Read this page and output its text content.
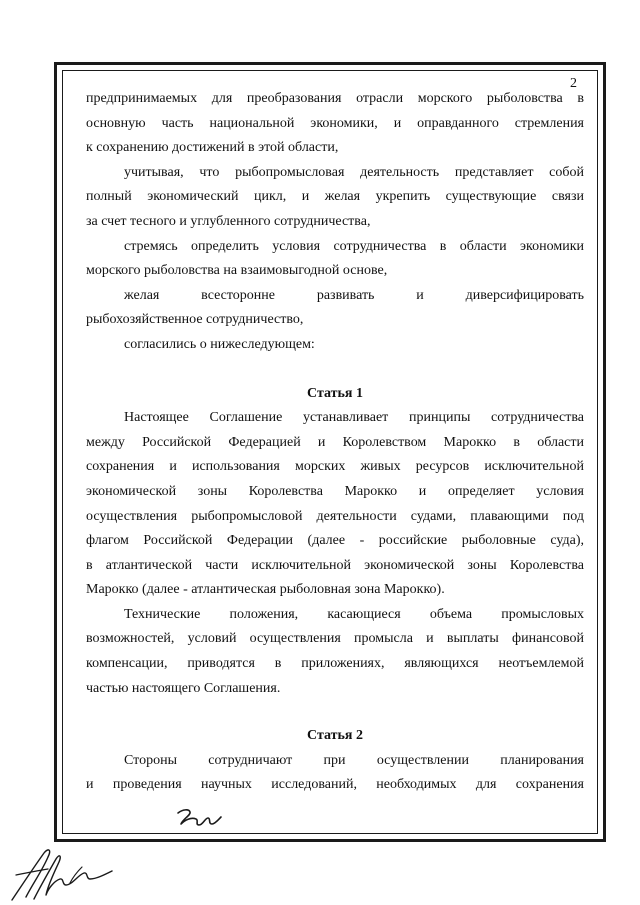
2

предпринимаемых для преобразования отрасли морского рыболовства в

основную часть национальной экономики, и оправданного стремления

к сохранению достижений в этой области,

учитывая, что рыбопромысловая деятельность представляет собой

полный экономический цикл, и желая укрепить существующие связи

за счет тесного и углубленного сотрудничества,

стремясь определить условия сотрудничества в области экономики

морского рыболовства на взаимовыгодной основе,

желая всесторонне развивать и диверсифицировать

рыбохозяйственное сотрудничество,

согласились о нижеследующем:

Статья 1

Настоящее Соглашение устанавливает принципы сотрудничества

между Российской Федерацией и Королевством Марокко в области

сохранения и использования морских живых ресурсов исключительной

экономической зоны Королевства Марокко и определяет условия

осуществления рыбопромысловой деятельности судами, плавающими под

флагом Российской Федерации (далее - российские рыболовные суда),

в атлантической части исключительной экономической зоны Королевства

Марокко (далее - атлантическая рыболовная зона Марокко).

Технические положения, касающиеся объема промысловых

возможностей, условий осуществления промысла и выплаты финансовой

компенсации, приводятся в приложениях, являющихся неотъемлемой

частью настоящего Соглашения.

Статья 2

Стороны сотрудничают при осуществлении планирования

и проведения научных исследований, необходимых для сохранения
